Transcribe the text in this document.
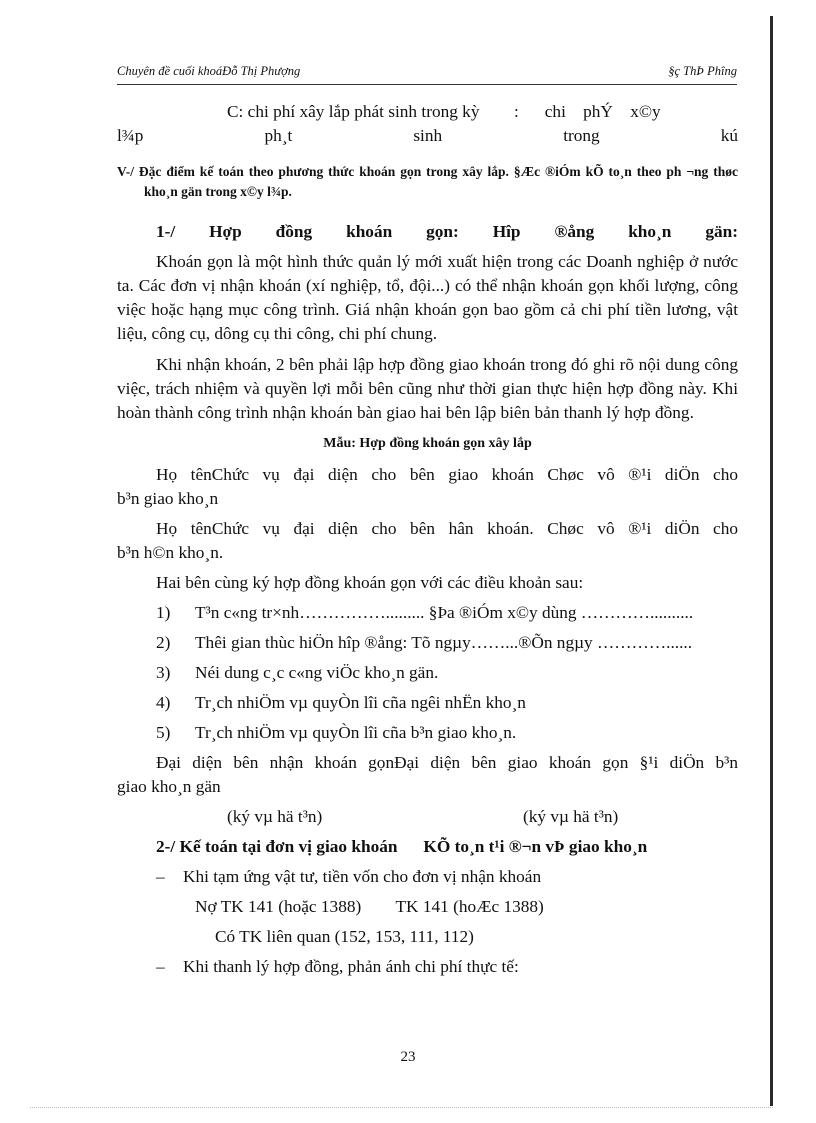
Chuyên đề cuối khoáĐỗ Thị Phượng	§ç ThÞ Phîng

C: chi phí xây lắp phát sinh trong kỳ        :      chi    phÝ    x©y

l¾p ph¸t sinh trong kú

V-/ Đặc điểm kế toán theo phương thức khoán gọn trong xây lắp. §Æc ®iÓm kÕ to¸n theo ph ¬ng thøc kho¸n gän trong x©y l¾p.

1-/ Hợp đồng khoán gọn: Hîp ®ång kho¸n gän:

Khoán gọn là một hình thức quản lý mới xuất hiện trong các Doanh nghiệp ở nước ta. Các đơn vị nhận khoán (xí nghiệp, tổ, đội...) có thể nhận khoán gọn khối lượng, công việc hoặc hạng mục công trình. Giá nhận khoán gọn bao gồm cả chi phí tiền lương, vật liệu, công cụ, dông cụ thi công, chi phí chung.

Khi nhận khoán, 2 bên phải lập hợp đồng giao khoán trong đó ghi rõ nội dung công việc, trách nhiệm và quyền lợi mỗi bên cũng như thời gian thực hiện hợp đồng này. Khi hoàn thành công trình nhận khoán bàn giao hai bên lập biên bản thanh lý hợp đồng.

Mẫu: Hợp đồng khoán gọn xây lắp

Họ tênChức vụ đại diện cho bên giao khoán Chøc vô ®¹i diÖn cho

b³n giao kho¸n

Họ tênChức vụ đại diện cho bên hân khoán. Chøc vô ®¹i diÖn cho

b³n h©n kho¸n.

Hai bên cùng ký hợp đồng khoán gọn với các điều khoản sau:

1) T³n c«ng tr×nh……………......... §Þa ®iÓm x©y dùng …………..........
2) Thêi gian thùc hiÖn hîp ®ång: Tõ ngµy……...®Õn ngµy …………......
3) Néi dung c¸c c«ng viÖc kho¸n gän.
4) Tr¸ch nhiÖm vµ quyÒn lîi cña ngêi nhËn kho¸n
5) Tr¸ch nhiÖm vµ quyÒn lîi cña b³n giao kho¸n.

Đại diện bên nhận khoán gọnĐại diện bên giao khoán gọn §¹i diÖn b³n

giao kho¸n gän

(ký vµ hä t³n)	(ký vµ hä t³n)

2-/ Kế toán tại đơn vị giao khoán      KÕ to¸n t¹i ®¬n vÞ giao kho¸n

– Khi tạm ứng vật tư, tiền vốn cho đơn vị nhận khoán

Nợ TK 141 (hoặc 1388)        TK 141 (hoÆc 1388)

Có TK liên quan (152, 153, 111, 112)

– Khi thanh lý hợp đồng, phản ánh chi phí thực tế:
23
